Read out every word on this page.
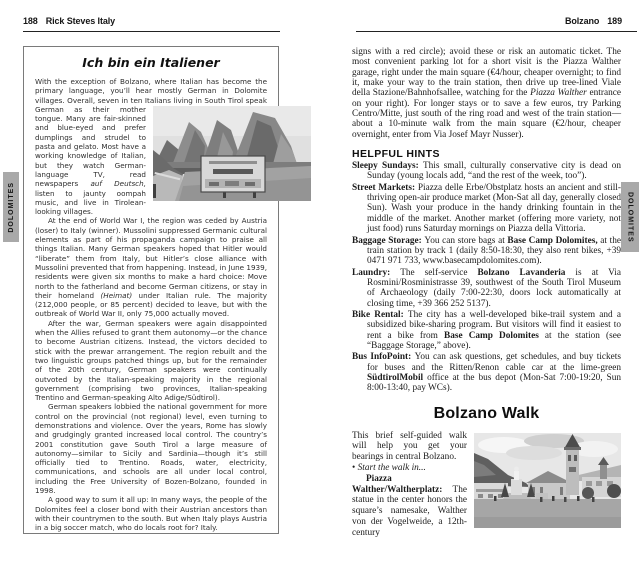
188 Rick Steves Italy
DOLOMITES
Ich bin ein Italiener

With the exception of Bolzano, where Italian has become the primary language, you’ll hear mostly German in Dolomite villages. Overall, seven in ten Italians living in South Tirol speak
German as their mother tongue. Many are fair-skinned and blue-eyed and prefer dumplings and strudel to pasta and gelato. Most have a working knowledge of Italian, but they watch German-language TV, read newspapers auf Deutsch, listen to jaunty oompah music, and live in Tirolean-looking villages.

At the end of World War I, the region was ceded by Austria (loser) to Italy (winner). Mussolini suppressed Germanic cultural elements as part of his propaganda campaign to praise all things Italian. Many German speakers hoped that Hitler would “liberate” them from Italy, but Hitler’s close alliance with Mussolini prevented that from happening. Instead, in June 1939, residents were given six months to make a hard choice: Move north to the fatherland and become German citizens, or stay in their homeland (Heimat) under Italian rule. The majority (212,000 people, or 85 percent) decided to leave, but with the outbreak of World War II, only 75,000 actually moved.

After the war, German speakers were again disappointed when the Allies refused to grant them autonomy—or the chance to become Austrian citizens. Instead, the victors decided to stick with the prewar arrangement. The region rebuilt and the two linguistic groups patched things up, but for the remainder of the 20th century, German speakers were continually outvoted by the Italian-speaking majority in the regional government (comprising two provinces, Italian-speaking Trentino and German-speaking Alto Adige/Südtirol).

German speakers lobbied the national government for more control on the provincial (not regional) level, even turning to demonstrations and violence. Over the years, Rome has slowly and grudgingly granted increased local control. The country’s 2001 constitution gave South Tirol a large measure of autonomy—similar to Sicily and Sardinia—though it’s still officially tied to Trentino. Roads, water, electricity, communications, and schools are all under local control, including the Free University of Bozen-Bolzano, founded in 1998.

A good way to sum it all up: In many ways, the people of the Dolomites feel a closer bond with their Austrian ancestors than with their countrymen to the south. But when Italy plays Austria in a big soccer match, who do locals root for? Italy.

Bolzano 189
DOLOMITES

signs with a red circle); avoid these or risk an automatic ticket. The most convenient parking lot for a short visit is the Piazza Walther garage, right under the main square (€4/hour, cheaper overnight; to find it, make your way to the train station, then drive up tree-lined Viale della Stazione/Bahnhofsallee, watching for the Piazza Walther entrance on your right). For longer stays or to save a few euros, try Parking Centro/Mitte, just south of the ring road and west of the train station—about a 10-minute walk from the main square (€2/hour, cheaper overnight, enter from Via Josef Mayr Nusser).

HELPFUL HINTS

Sleepy Sundays: This small, culturally conservative city is dead on Sunday (young locals add, “and the rest of the week, too”).

Street Markets: Piazza delle Erbe/Obstplatz hosts an ancient and still-thriving open-air produce market (Mon-Sat all day, generally closed Sun). Wash your produce in the handy drinking fountain in the middle of the market. Another market (offering more variety, not just food) runs Saturday mornings on Piazza della Vittoria.

Baggage Storage: You can store bags at Base Camp Dolomites, at the train station by track 1 (daily 8:50-18:30, they also rent bikes, +39 0471 971 733, www.basecampdolomites.com).

Laundry: The self-service Bolzano Lavanderia is at Via Rosmini/Rosministrasse 39, southwest of the South Tirol Museum of Archaeology (daily 7:00-22:30, doors lock automatically at closing time, +39 366 252 5137).

Bike Rental: The city has a well-developed bike-trail system and a subsidized bike-sharing program. But visitors will find it easiest to rent a bike from Base Camp Dolomites at the station (see “Baggage Storage,” above).

Bus InfoPoint: You can ask questions, get schedules, and buy tickets for buses and the Ritten/Renon cable car at the lime-green SüdtirolMobil office at the bus depot (Mon-Sat 7:00-19:20, Sun 8:00-13:40, pay WCs).

Bolzano Walk

This brief self-guided walk will help you get your bearings in central Bolzano.

• Start the walk in...

Piazza Walther/Waltherplatz: The statue in the center honors the square’s namesake, Walther von der Vogelweide, a 12th-century
